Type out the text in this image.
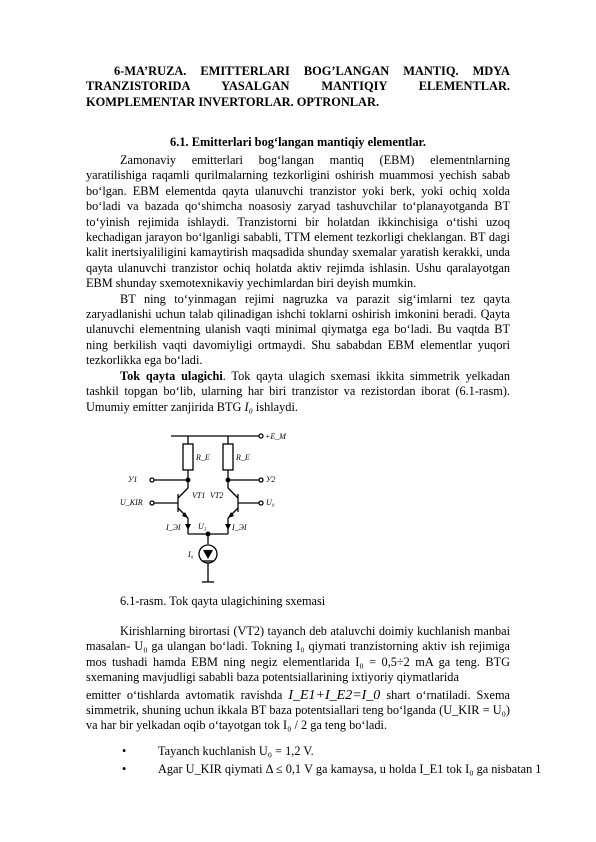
6-MA’RUZA. EMITTERLARI BOG’LANGAN MANTIQ. MDYA
TRANZISTORIDA YASALGAN MANTIQIY ELEMENTLAR.
KOMPLEMENTAR INVERTORLAR. OPTRONLAR.
6.1. Emitterlari bog‘langan mantiqiy elementlar.

Zamonaviy emitterlari bog‘langan mantiq (EBM) elementnlarning yaratilishiga raqamli qurilmalarning tezkorligini oshirish muammosi yechish sabab bo‘lgan. EBM elementda qayta ulanuvchi tranzistor yoki berk, yoki ochiq xolda bo‘ladi va bazada qo‘shimcha noasosiy zaryad tashuvchilar to‘planayotganda BT to‘yinish rejimida ishlaydi. Tranzistorni bir holatdan ikkinchisiga o‘tishi uzoq kechadigan jarayon bo‘lganligi sababli, TTM element tezkorligi cheklangan. BT dagi kalit inertsiyaliligini kamaytirish maqsadida shunday sxemalar yaratish kerakki, unda qayta ulanuvchi tranzistor ochiq holatda aktiv rejimda ishlasin. Ushu qaralayotgan EBM shunday sxemotexnikaviy yechimlardan biri deyish mumkin.

BT ning to‘yinmagan rejimi nagruzka va parazit sig‘imlarni tez qayta zaryadlanishi uchun talab qilinadigan ishchi toklarni oshirish imkonini beradi. Qayta ulanuvchi elementning ulanish vaqti minimal qiymatga ega bo‘ladi. Bu vaqtda BT ning berkilish vaqti davomiyligi ortmaydi. Shu sababdan EBM elementlar yuqori tezkorlikka ega bo‘ladi.

Tok qayta ulagichi. Tok qayta ulagich sxemasi ikkita simmetrik yelkadan tashkil topgan bo‘lib, ularning har biri tranzistor va rezistordan iborat (6.1-rasm). Umumiy emitter zanjirida BTG I₀ ishlaydi.

+E_M
R_E	R_E
У1	У2
U_KIR	U₀
VT1 VT2
I_ЭI	I_ЭI
U₃
I₀
6.1-rasm. Tok qayta ulagichining sxemasi

Kirishlarning birortasi (VT2) tayanch deb ataluvchi doimiy kuchlanish manbai masalan- U₀ ga ulangan bo‘ladi. Tokning I₀ qiymati tranzistorning aktiv ish rejimiga mos tushadi hamda EBM ning negiz elementlarida I₀ = 0,5÷2 mA ga teng. BTG sxemaning mavjudligi sababli baza potentsiallarining ixtiyoriy qiymatlarida

emitter o‘tishlarda avtomatik ravishda I_E1+I_E2=I_0 shart o‘rnatiladi. Sxema

simmetrik, shuning uchun ikkala BT baza potentsiallari teng bo‘lganda (U_KIR = U₀) va har bir yelkadan oqib o‘tayotgan tok I₀ / 2 ga teng bo‘ladi.

•	Tayanch kuchlanish U₀ = 1,2 V.
•	Agar U_KIR qiymati Δ ≤ 0,1 V ga kamaysa, u holda I_E1 tok I₀ ga nisbatan 1
